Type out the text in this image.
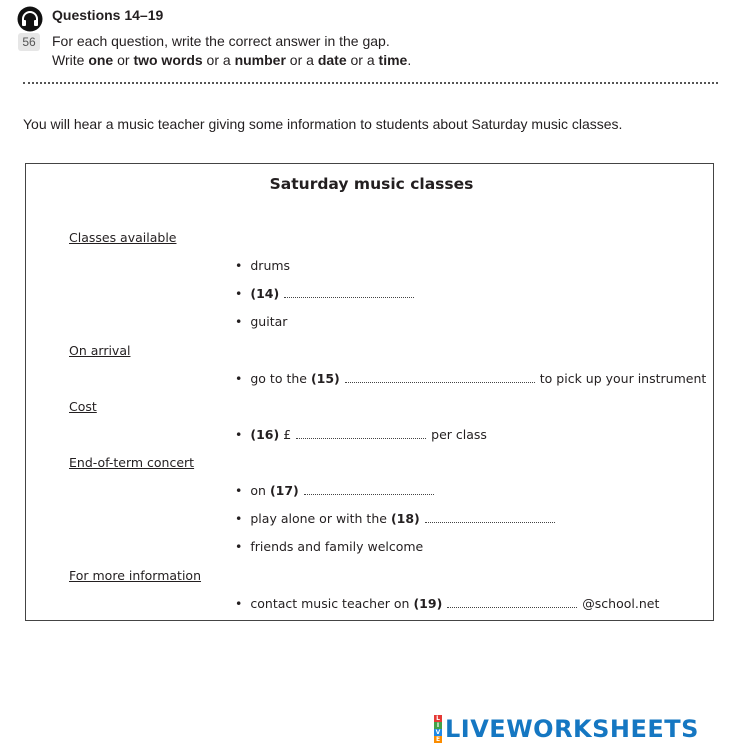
56
Questions 14–19
For each question, write the correct answer in the gap.
Write one or two words or a number or a date or a time.
You will hear a music teacher giving some information to students about Saturday music classes.
Saturday music classes
Classes available
• drums
• (14)
• guitar
On arrival
• go to the (15)	to pick up your instrument
Cost
• (16) £	per class
End-of-term concert
• on (17)
• play alone or with the (18)
• friends and family welcome
For more information
• contact music teacher on (19)	@school.net
L
I
V
E LIVEWORKSHEETS
